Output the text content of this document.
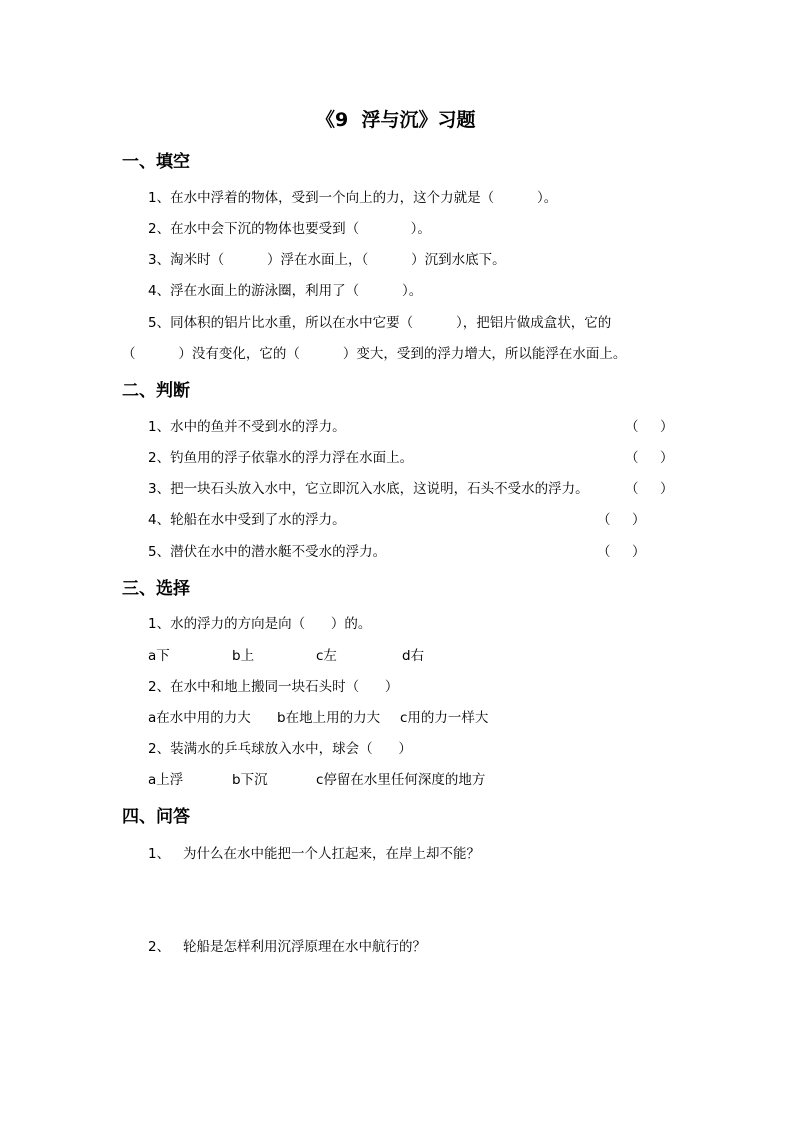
《9  浮与沉》习题
一、填空
1、在水中浮着的物体，受到一个向上的力，这个力就是（          ）。
2、在水中会下沉的物体也要受到（            ）。
3、淘米时（          ）浮在水面上，（          ）沉到水底下。
4、浮在水面上的游泳圈，利用了（          ）。
5、同体积的铝片比水重，所以在水中它要（          ），把铝片做成盒状，它的
（          ）没有变化，它的（          ）变大，受到的浮力增大，所以能浮在水面上。
二、判断
1、水中的鱼并不受到水的浮力。	（     ）
2、钓鱼用的浮子依靠水的浮力浮在水面上。	（     ）
3、把一块石头放入水中，它立即沉入水底，这说明，石头不受水的浮力。	（     ）
4、轮船在水中受到了水的浮力。	（     ）
5、潜伏在水中的潜水艇不受水的浮力。	（     ）
三、选择
1、水的浮力的方向是向（      ）的。
a下	b上	c左	d右
2、在水中和地上搬同一块石头时（      ）
a在水中用的力大 b在地上用的力大 c用的力一样大
2、装满水的乒乓球放入水中，球会（      ）
a上浮	b下沉	c停留在水里任何深度的地方
四、问答
1、 为什么在水中能把一个人扛起来，在岸上却不能？
2、 轮船是怎样利用沉浮原理在水中航行的？
